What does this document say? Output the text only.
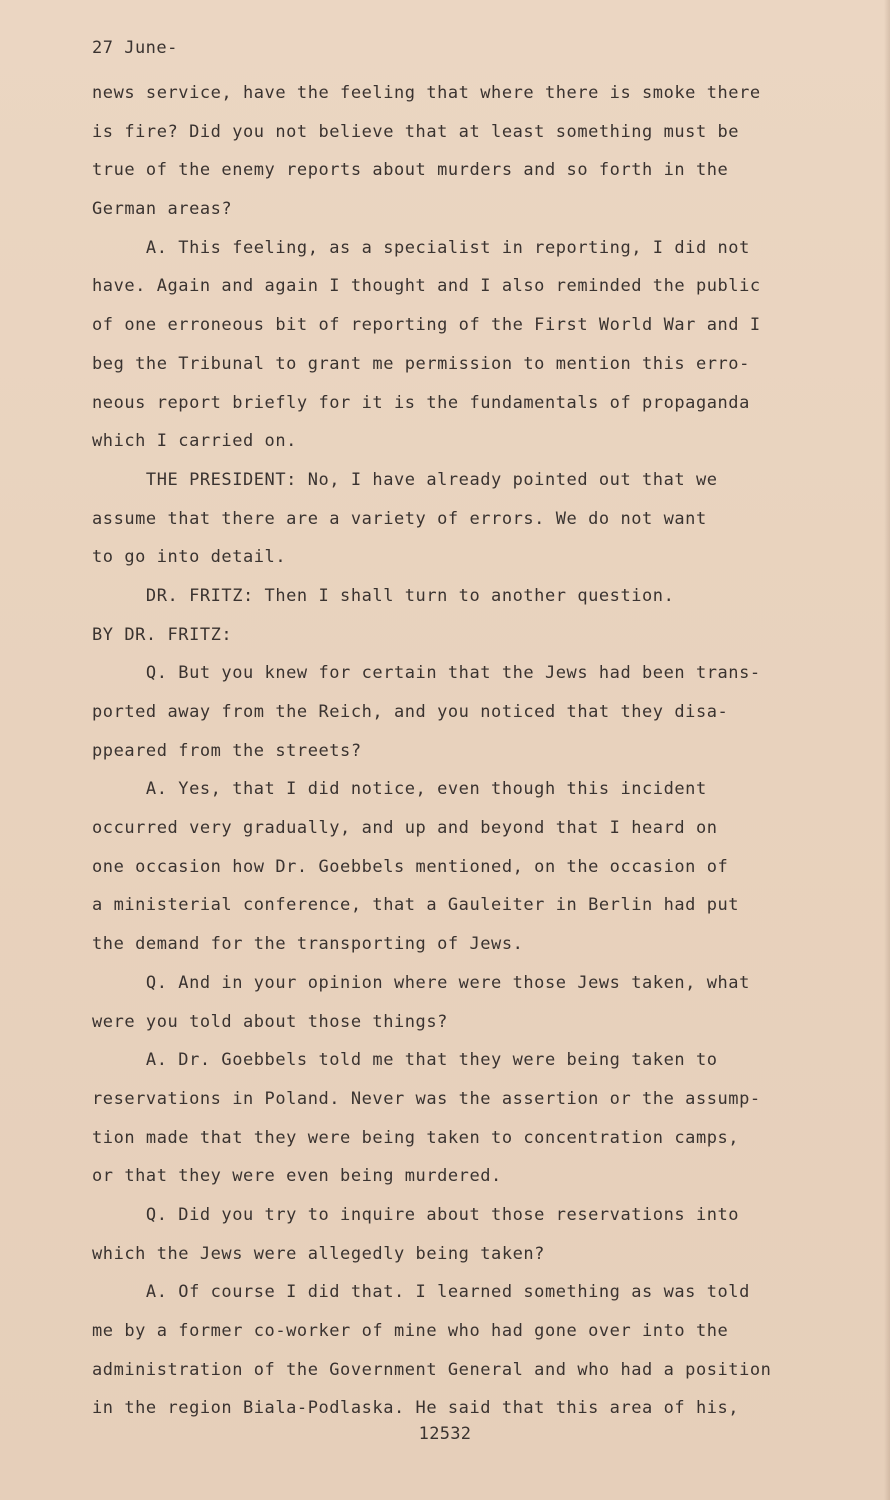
27 June-
news service, have the feeling that where there is smoke there
is fire? Did you not believe that at least something must be
true of the enemy reports about murders and so forth in the
German areas?
A. This feeling, as a specialist in reporting, I did not
have. Again and again I thought and I also reminded the public
of one erroneous bit of reporting of the First World War and I
beg the Tribunal to grant me permission to mention this erro-
neous report briefly for it is the fundamentals of propaganda
which I carried on.
THE PRESIDENT: No, I have already pointed out that we
assume that there are a variety of errors. We do not want
to go into detail.
DR. FRITZ: Then I shall turn to another question.
BY DR. FRITZ:
Q. But you knew for certain that the Jews had been trans-
ported away from the Reich, and you noticed that they disa-
ppeared from the streets?
A. Yes, that I did notice, even though this incident
occurred very gradually, and up and beyond that I heard on
one occasion how Dr. Goebbels mentioned, on the occasion of
a ministerial conference, that a Gauleiter in Berlin had put
the demand for the transporting of Jews.
Q. And in your opinion where were those Jews taken, what
were you told about those things?
A. Dr. Goebbels told me that they were being taken to
reservations in Poland. Never was the assertion or the assump-
tion made that they were being taken to concentration camps,
or that they were even being murdered.
Q. Did you try to inquire about those reservations into
which the Jews were allegedly being taken?
A. Of course I did that. I learned something as was told
me by a former co-worker of mine who had gone over into the
administration of the Government General and who had a position
in the region Biala-Podlaska. He said that this area of his,
12532
